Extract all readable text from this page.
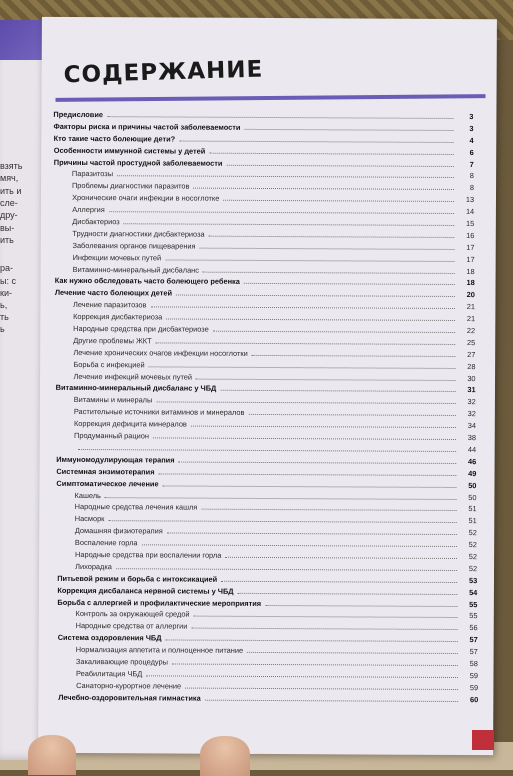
взять
мяч,
ить и
сле-
дру-
вы-
ить
ра-
ы: с
ки-
ь,
ть
ь
СОДЕРЖАНИЕ
Предисловие	3
Факторы риска и причины частой заболеваемости	3
Кто такие часто болеющие дети?	4
Особенности иммунной системы у детей	6
Причины частой простудной заболеваемости	7
Паразитозы	8
Проблемы диагностики паразитов	8
Хронические очаги инфекции в носоглотке	13
Аллергия	14
Дисбактериоз	15
Трудности диагностики дисбактериоза	16
Заболевания органов пищеварения	17
Инфекции мочевых путей	17
Витаминно-минеральный дисбаланс	18
Как нужно обследовать часто болеющего ребенка	18
Лечение часто болеющих детей	20
Лечение паразитозов	21
Коррекция дисбактериоза	21
Народные средства при дисбактериозе	22
Другие проблемы ЖКТ	25
Лечение хронических очагов инфекции носоглотки	27
Борьба с инфекцией	28
Лечение инфекций мочевых путей	30
Витаминно-минеральный дисбаланс у ЧБД	31
Витамины и минералы	32
Растительные источники витаминов и минералов	32
Коррекция дефицита минералов	34
Продуманный рацион	38
44
Иммуномодулирующая терапия	46
Системная энзимотерапия	49
Симптоматическое лечение	50
Кашель	50
Народные средства лечения кашля	51
Насморк	51
Домашняя физиотерапия	52
Воспаление горла	52
Народные средства при воспалении горла	52
Лихорадка	52
Питьевой режим и борьба с интоксикацией	53
Коррекция дисбаланса нервной системы у ЧБД	54
Борьба с аллергией и профилактические мероприятия	55
Контроль за окружающей средой	55
Народные средства от аллергии	56
Система оздоровления ЧБД	57
Нормализация аппетита и полноценное питание	57
Закаливающие процедуры	58
Реабилитация ЧБД	59
Санаторно-курортное лечение	59
Лечебно-оздоровительная гимнастика	60
